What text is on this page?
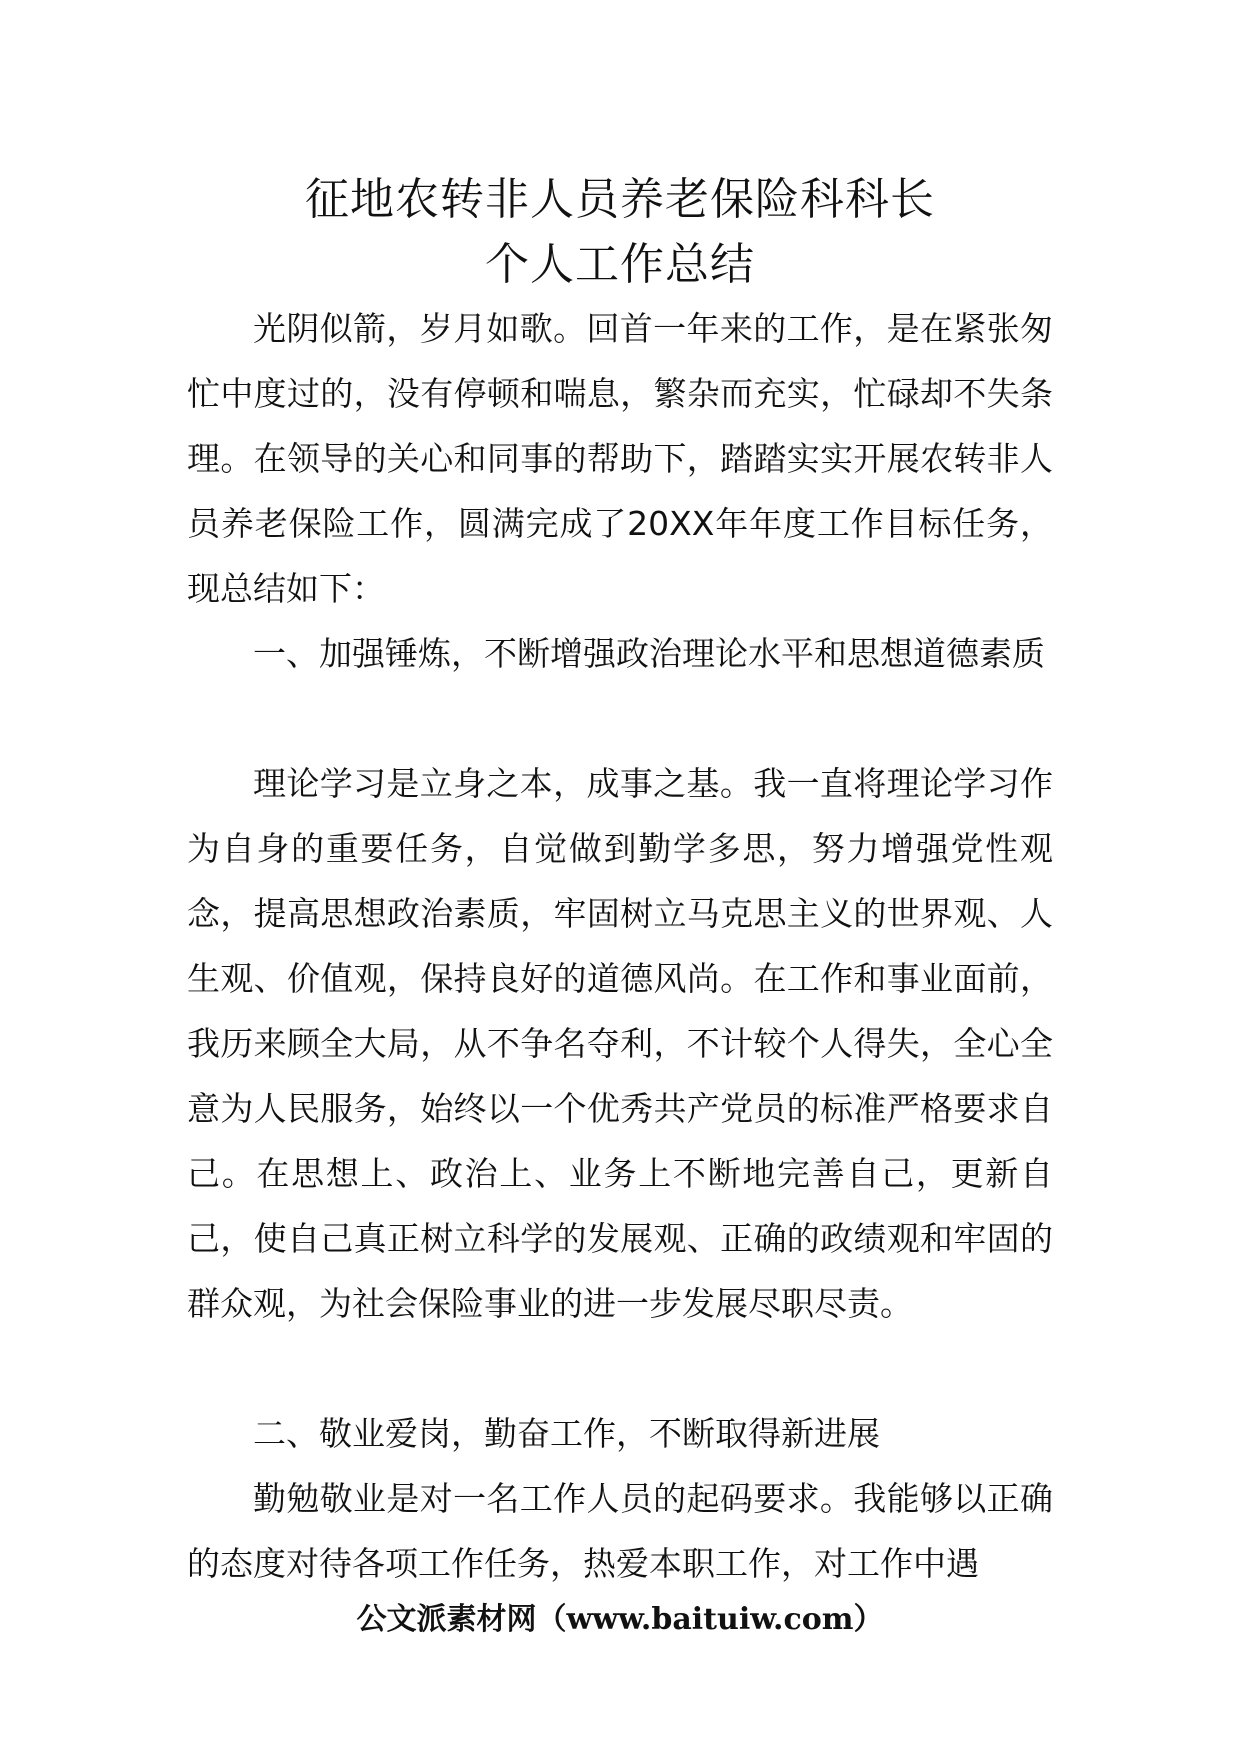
征地农转非人员养老保险科科长
个人工作总结

光阴似箭，岁月如歌。回首一年来的工作，是在紧张匆忙中度过的，没有停顿和喘息，繁杂而充实，忙碌却不失条理。在领导的关心和同事的帮助下，踏踏实实开展农转非人员养老保险工作，圆满完成了20XX年年度工作目标任务，现总结如下：

一、加强锤炼，不断增强政治理论水平和思想道德素质

理论学习是立身之本，成事之基。我一直将理论学习作为自身的重要任务，自觉做到勤学多思，努力增强党性观念，提高思想政治素质，牢固树立马克思主义的世界观、人生观、价值观，保持良好的道德风尚。在工作和事业面前，我历来顾全大局，从不争名夺利，不计较个人得失，全心全意为人民服务，始终以一个优秀共产党员的标准严格要求自己。在思想上、政治上、业务上不断地完善自己，更新自己，使自己真正树立科学的发展观、正确的政绩观和牢固的群众观，为社会保险事业的进一步发展尽职尽责。

二、敬业爱岗，勤奋工作，不断取得新进展

勤勉敬业是对一名工作人员的起码要求。我能够以正确的态度对待各项工作任务，热爱本职工作，对工作中遇

公文派素材网（www.baituiw.com）
